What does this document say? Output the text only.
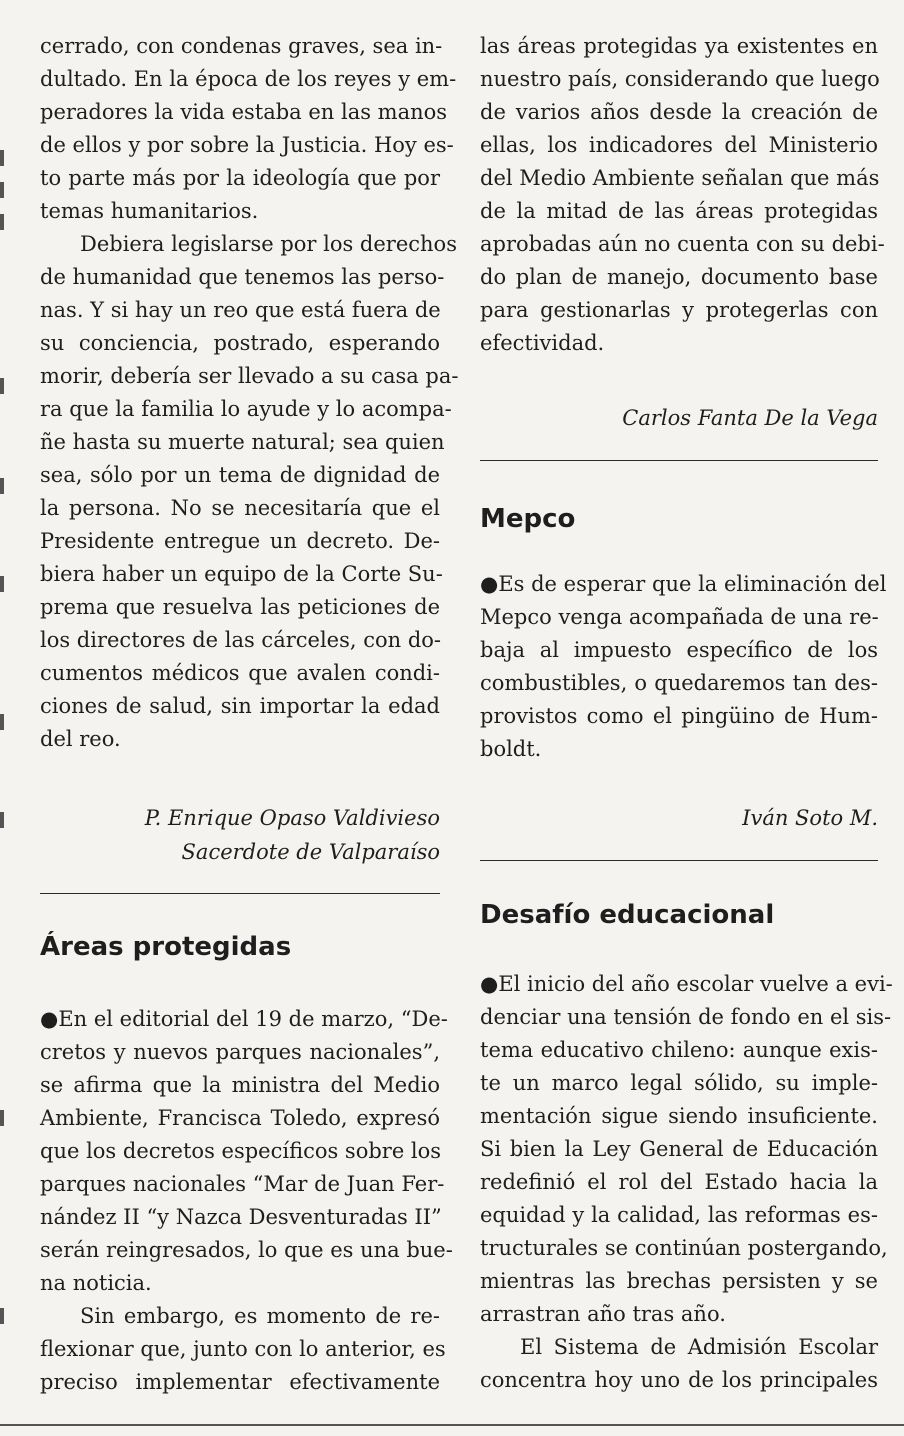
cerrado, con condenas graves, sea in-
dultado. En la época de los reyes y em-
peradores la vida estaba en las manos
de ellos y por sobre la Justicia. Hoy es-
to parte más por la ideología que por
temas humanitarios.
Debiera legislarse por los derechos
de humanidad que tenemos las perso-
nas. Y si hay un reo que está fuera de
su conciencia, postrado, esperando
morir, debería ser llevado a su casa pa-
ra que la familia lo ayude y lo acompa-
ñe hasta su muerte natural; sea quien
sea, sólo por un tema de dignidad de
la persona. No se necesitaría que el
Presidente entregue un decreto. De-
biera haber un equipo de la Corte Su-
prema que resuelva las peticiones de
los directores de las cárceles, con do-
cumentos médicos que avalen condi-
ciones de salud, sin importar la edad
del reo.
P. Enrique Opaso Valdivieso
Sacerdote de Valparaíso
Áreas protegidas
●En el editorial del 19 de marzo, “De-
cretos y nuevos parques nacionales”,
se afirma que la ministra del Medio
Ambiente, Francisca Toledo, expresó
que los decretos específicos sobre los
parques nacionales “Mar de Juan Fer-
nández II “y Nazca Desventuradas II”
serán reingresados, lo que es una bue-
na noticia.
Sin embargo, es momento de re-
flexionar que, junto con lo anterior, es
preciso implementar efectivamente
las áreas protegidas ya existentes en
nuestro país, considerando que luego
de varios años desde la creación de
ellas, los indicadores del Ministerio
del Medio Ambiente señalan que más
de la mitad de las áreas protegidas
aprobadas aún no cuenta con su debi-
do plan de manejo, documento base
para gestionarlas y protegerlas con
efectividad.
Carlos Fanta De la Vega
Mepco
●Es de esperar que la eliminación del
Mepco venga acompañada de una re-
baja al impuesto específico de los
combustibles, o quedaremos tan des-
provistos como el pingüino de Hum-
boldt.
Iván Soto M.
Desafío educacional
●El inicio del año escolar vuelve a evi-
denciar una tensión de fondo en el sis-
tema educativo chileno: aunque exis-
te un marco legal sólido, su imple-
mentación sigue siendo insuficiente.
Si bien la Ley General de Educación
redefinió el rol del Estado hacia la
equidad y la calidad, las reformas es-
tructurales se continúan postergando,
mientras las brechas persisten y se
arrastran año tras año.
El Sistema de Admisión Escolar
concentra hoy uno de los principales
